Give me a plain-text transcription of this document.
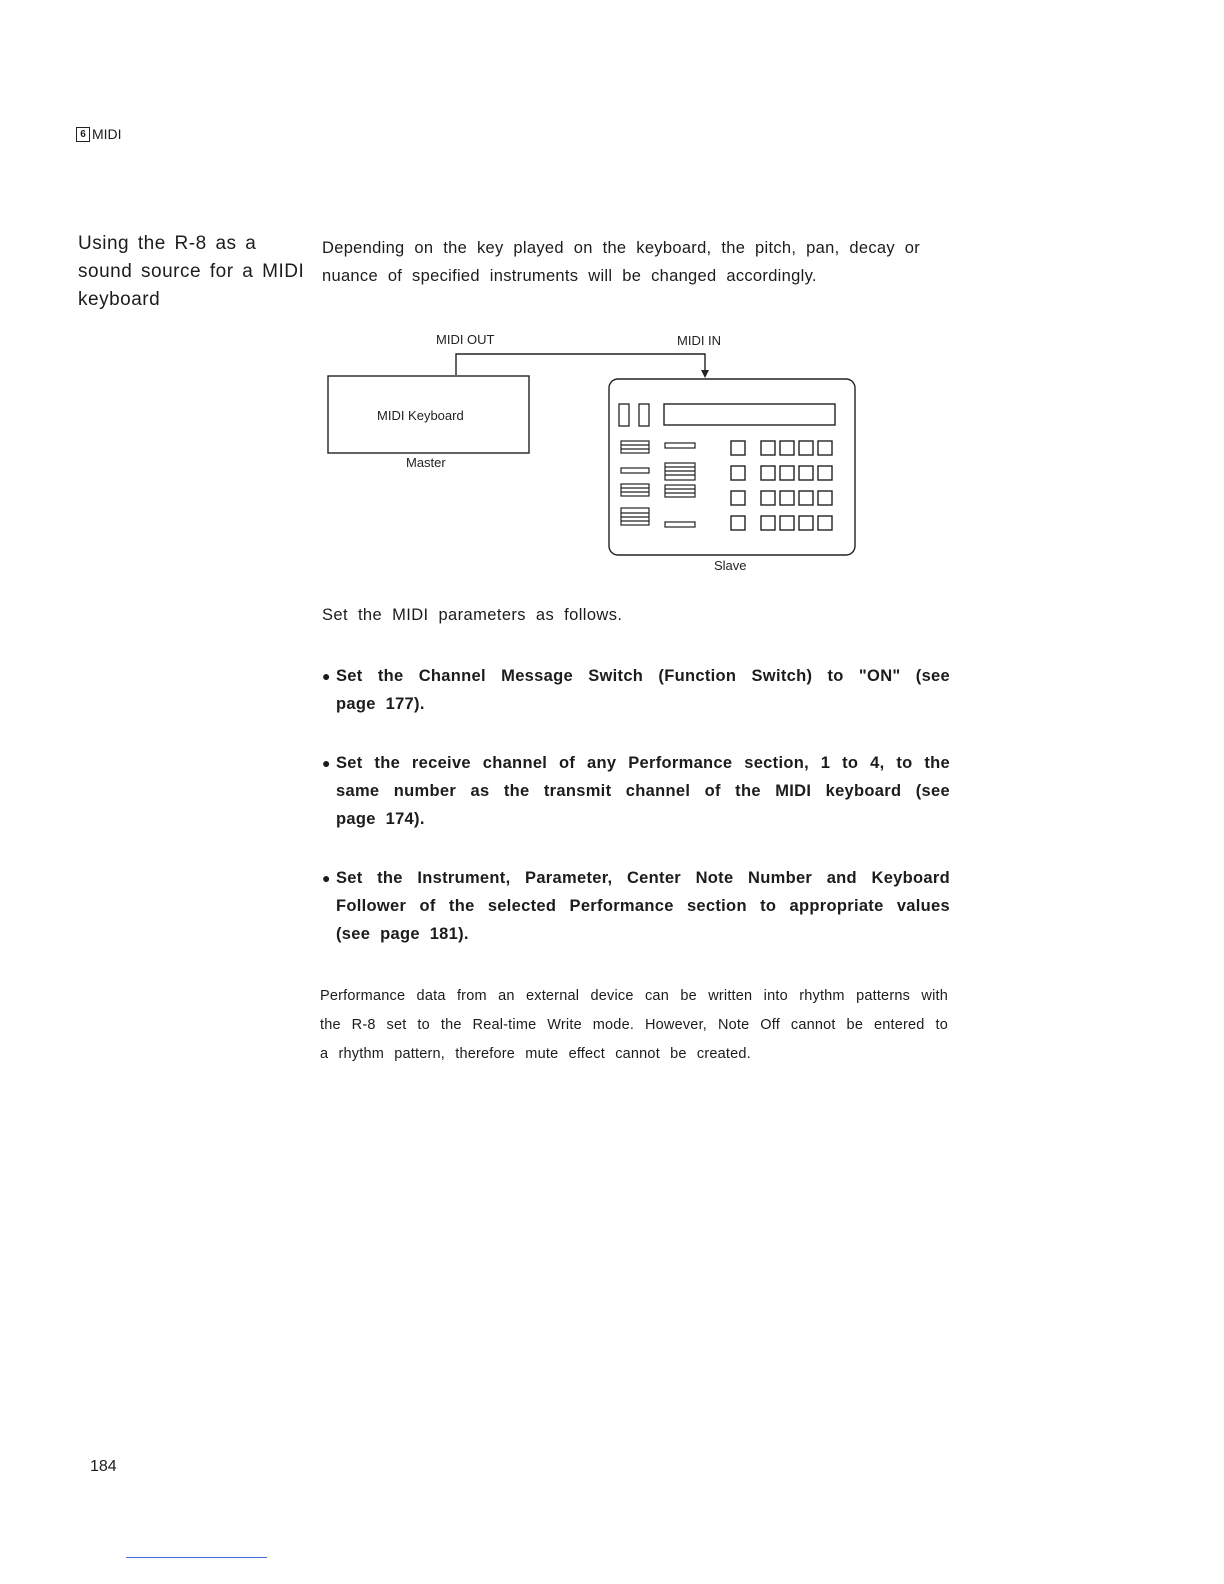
6 MIDI
Using the R-8 as a sound source for a MIDI keyboard
Depending on the key played on the keyboard, the pitch, pan, decay or nuance of specified instruments will be changed accordingly.
MIDI OUT	MIDI IN
MIDI Keyboard
Master
Slave
Set the MIDI parameters as follows.
● Set the Channel Message Switch (Function Switch) to "ON" (see page 177).
● Set the receive channel of any Performance section, 1 to 4, to the same number as the transmit channel of the MIDI keyboard (see page 174).
● Set the Instrument, Parameter, Center Note Number and Keyboard Follower of the selected Performance section to appropriate values (see page 181).
Performance data from an external device can be written into rhythm patterns with the R-8 set to the Real-time Write mode. However, Note Off cannot be entered to a rhythm pattern, therefore mute effect cannot be created.
184
